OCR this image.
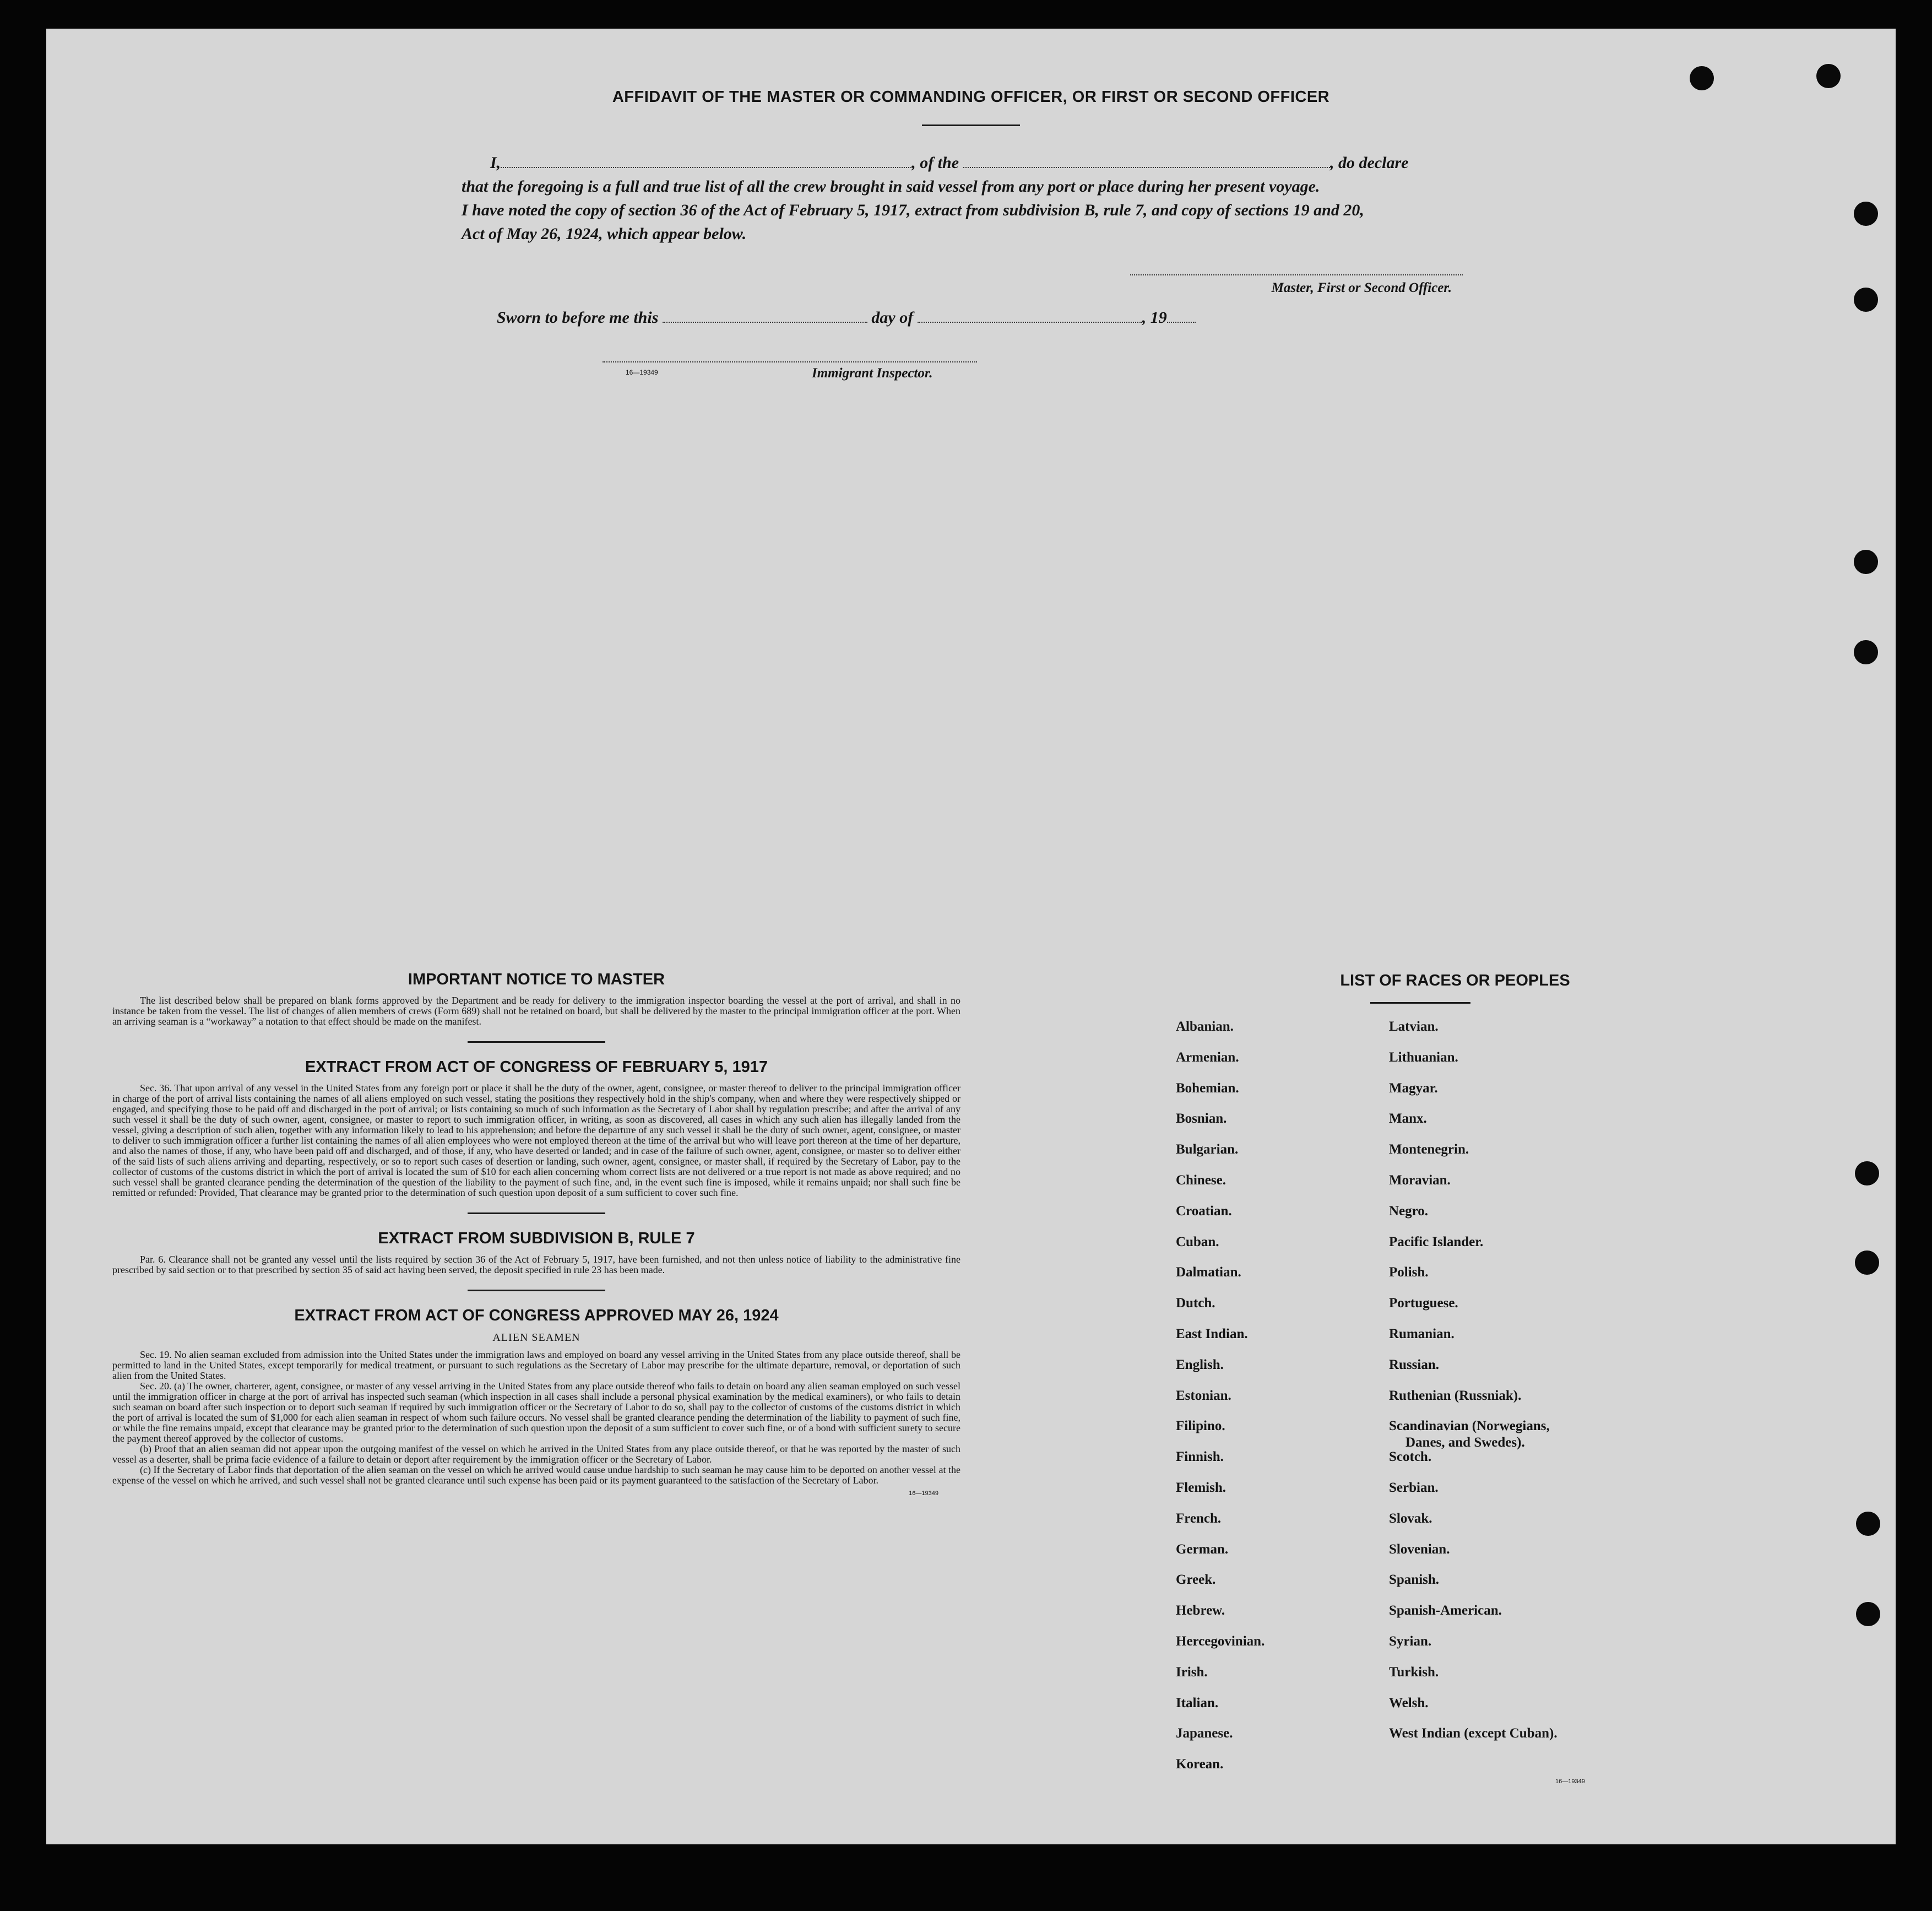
AFFIDAVIT OF THE MASTER OR COMMANDING OFFICER, OR FIRST OR SECOND OFFICER
I,	, of the	, do declare
that the foregoing is a full and true list of all the crew brought in said vessel from any port or place during her present voyage.
I have noted the copy of section 36 of the Act of February 5, 1917, extract from subdivision B, rule 7, and copy of sections 19 and 20,
Act of May 26, 1924, which appear below.
Master, First or Second Officer.
Sworn to before me this	day of	, 19
16—19349	Immigrant Inspector.
IMPORTANT NOTICE TO MASTER

The list described below shall be prepared on blank forms approved by the Department and be ready for delivery to the immigration inspector boarding the vessel at the port of arrival, and shall in no instance be taken from the vessel. The list of changes of alien members of crews (Form 689) shall not be retained on board, but shall be delivered by the master to the principal immigration officer at the port. When an arriving seaman is a “workaway” a notation to that effect should be made on the manifest.

EXTRACT FROM ACT OF CONGRESS OF FEBRUARY 5, 1917

Sec. 36. That upon arrival of any vessel in the United States from any foreign port or place it shall be the duty of the owner, agent, consignee, or master thereof to deliver to the principal immigration officer in charge of the port of arrival lists containing the names of all aliens employed on such vessel, stating the positions they respectively hold in the ship's company, when and where they were respectively shipped or engaged, and specifying those to be paid off and discharged in the port of arrival; or lists containing so much of such information as the Secretary of Labor shall by regulation prescribe; and after the arrival of any such vessel it shall be the duty of such owner, agent, consignee, or master to report to such immigration officer, in writing, as soon as discovered, all cases in which any such alien has illegally landed from the vessel, giving a description of such alien, together with any information likely to lead to his apprehension; and before the departure of any such vessel it shall be the duty of such owner, agent, consignee, or master to deliver to such immigration officer a further list containing the names of all alien employees who were not employed thereon at the time of the arrival but who will leave port thereon at the time of her departure, and also the names of those, if any, who have been paid off and discharged, and of those, if any, who have deserted or landed; and in case of the failure of such owner, agent, consignee, or master so to deliver either of the said lists of such aliens arriving and departing, respectively, or so to report such cases of desertion or landing, such owner, agent, consignee, or master shall, if required by the Secretary of Labor, pay to the collector of customs of the customs district in which the port of arrival is located the sum of $10 for each alien concerning whom correct lists are not delivered or a true report is not made as above required; and no such vessel shall be granted clearance pending the determination of the question of the liability to the payment of such fine, and, in the event such fine is imposed, while it remains unpaid; nor shall such fine be remitted or refunded: Provided, That clearance may be granted prior to the determination of such question upon deposit of a sum sufficient to cover such fine.

EXTRACT FROM SUBDIVISION B, RULE 7

Par. 6. Clearance shall not be granted any vessel until the lists required by section 36 of the Act of February 5, 1917, have been furnished, and not then unless notice of liability to the administrative fine prescribed by said section or to that prescribed by section 35 of said act having been served, the deposit specified in rule 23 has been made.

EXTRACT FROM ACT OF CONGRESS APPROVED MAY 26, 1924
ALIEN SEAMEN

Sec. 19. No alien seaman excluded from admission into the United States under the immigration laws and employed on board any vessel arriving in the United States from any place outside thereof, shall be permitted to land in the United States, except temporarily for medical treatment, or pursuant to such regulations as the Secretary of Labor may prescribe for the ultimate departure, removal, or deportation of such alien from the United States.

Sec. 20. (a) The owner, charterer, agent, consignee, or master of any vessel arriving in the United States from any place outside thereof who fails to detain on board any alien seaman employed on such vessel until the immigration officer in charge at the port of arrival has inspected such seaman (which inspection in all cases shall include a personal physical examination by the medical examiners), or who fails to detain such seaman on board after such inspection or to deport such seaman if required by such immigration officer or the Secretary of Labor to do so, shall pay to the collector of customs of the customs district in which the port of arrival is located the sum of $1,000 for each alien seaman in respect of whom such failure occurs. No vessel shall be granted clearance pending the determination of the liability to payment of such fine, or while the fine remains unpaid, except that clearance may be granted prior to the determination of such question upon the deposit of a sum sufficient to cover such fine, or of a bond with sufficient surety to secure the payment thereof approved by the collector of customs.

(b) Proof that an alien seaman did not appear upon the outgoing manifest of the vessel on which he arrived in the United States from any place outside thereof, or that he was reported by the master of such vessel as a deserter, shall be prima facie evidence of a failure to detain or deport after requirement by the immigration officer or the Secretary of Labor.

(c) If the Secretary of Labor finds that deportation of the alien seaman on the vessel on which he arrived would cause undue hardship to such seaman he may cause him to be deported on another vessel at the expense of the vessel on which he arrived, and such vessel shall not be granted clearance until such expense has been paid or its payment guaranteed to the satisfaction of the Secretary of Labor.

16—19349
LIST OF RACES OR PEOPLES
16—19349
Albanian.
Armenian.
Bohemian.
Bosnian.
Bulgarian.
Chinese.
Croatian.
Cuban.
Dalmatian.
Dutch.
East Indian.
English.
Estonian.
Filipino.
Finnish.
Flemish.
French.
German.
Greek.
Hebrew.
Hercegovinian.
Irish.
Italian.
Japanese.
Korean.
Latvian.
Lithuanian.
Magyar.
Manx.
Montenegrin.
Moravian.
Negro.
Pacific Islander.
Polish.
Portuguese.
Rumanian.
Russian.
Ruthenian (Russniak).
Scandinavian (Norwegians,
Danes, and Swedes).
Scotch.
Serbian.
Slovak.
Slovenian.
Spanish.
Spanish-American.
Syrian.
Turkish.
Welsh.
West Indian (except Cuban).
